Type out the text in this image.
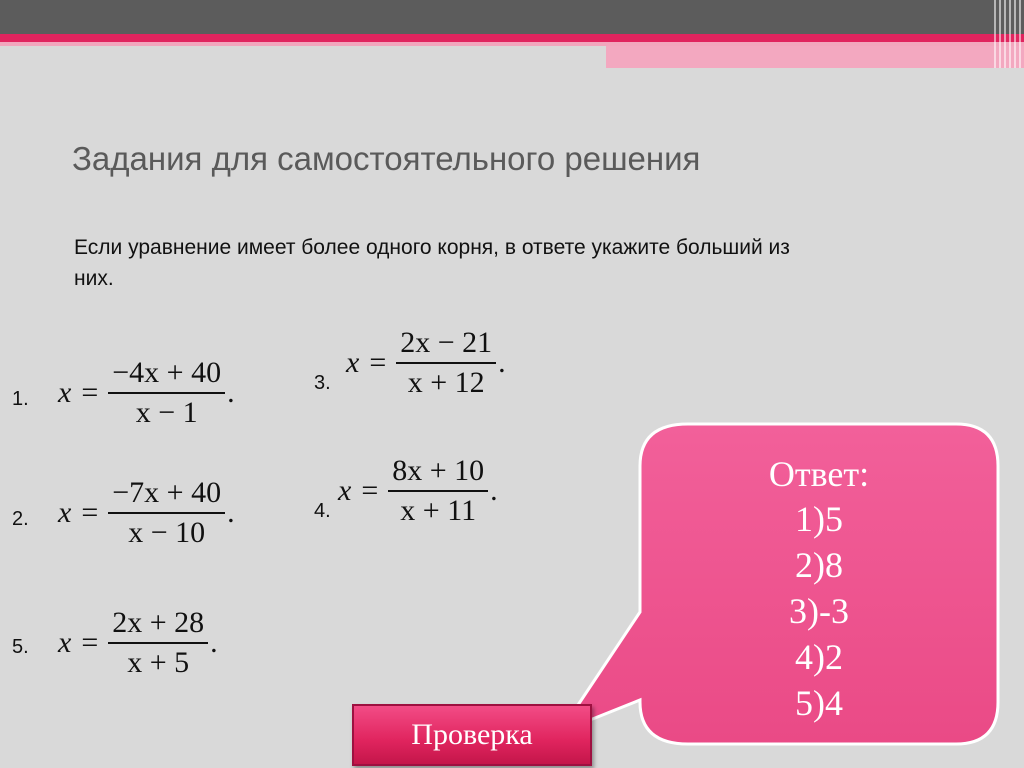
Задания для самостоятельного решения
Если уравнение имеет более одного корня, в ответе укажите больший из них.
1. $x = \frac{-4x + 40}{x - 1}$ .
2. $x = \frac{-7x + 40}{x - 10}$ .
3.
$x = \frac{2x - 21}{x + 12}$ .
4.
$x = \frac{8x + 10}{x + 11}$ .
5. $x = \frac{2x + 28}{x + 5}$ .
Ответ:
1)5
2)8
3)-3
4)2
5)4
Проверка
